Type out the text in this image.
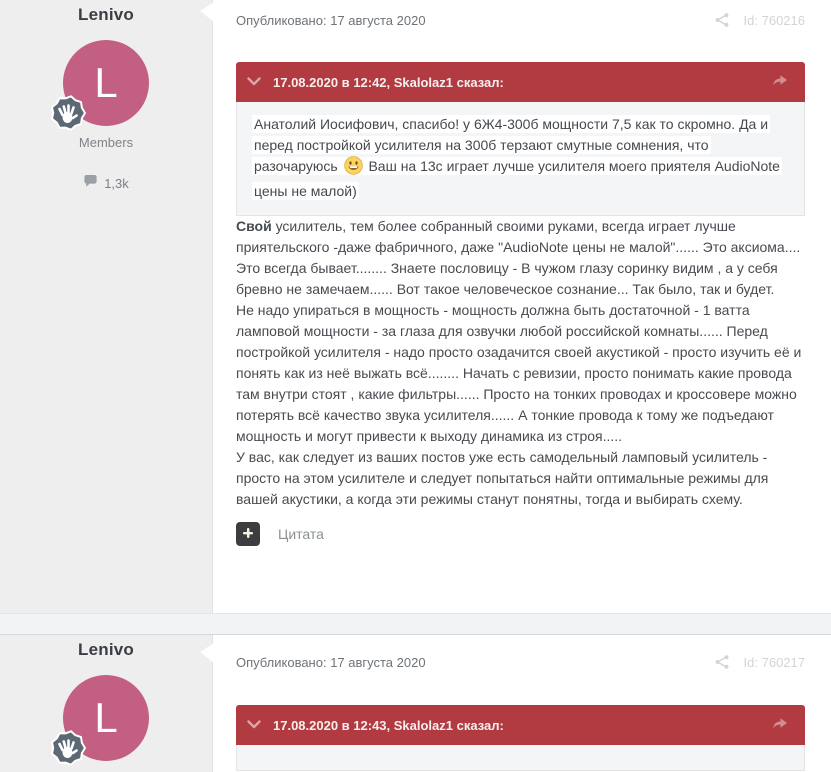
Lenivo
L
Members
1,3k
Опубликовано: 17 августа 2020	Id: 760216
17.08.2020 в 12:42, Skalolaz1 сказал:
Анатолий Иосифович, спасибо! у 6Ж4-300б мощности 7,5 как то скромно. Да и перед постройкой усилителя на 300б терзают смутные сомнения, что разочаруюсь  Ваш на 13с играет лучше усилителя моего приятеля AudioNote цены не малой)

Свой усилитель, тем более собранный своими руками, всегда играет лучше приятельского -даже фабричного, даже "AudioNote цены не малой"...... Это аксиома.... Это всегда бывает........ Знаете пословицу - В чужом глазу соринку видим , а у себя бревно не замечаем...... Вот такое человеческое сознание... Так было, так и будет.

Не надо упираться в мощность - мощность должна быть достаточной - 1 ватта ламповой мощности - за глаза для озвучки любой российской комнаты...... Перед постройкой усилителя - надо просто озадачится своей акустикой - просто изучить её и понять как из неё выжать всё........ Начать с ревизии, просто понимать какие провода там внутри стоят , какие фильтры...... Просто на тонких проводах и кроссовере можно потерять всё качество звука усилителя...... А тонкие провода к тому же подъедают мощность и могут привести к выходу динамика из строя.....

У вас, как следует из ваших постов уже есть самодельный ламповый усилитель - просто на этом усилителе и следует попытаться найти оптимальные режимы для вашей акустики, а когда эти режимы станут понятны, тогда и выбирать схему.

Цитата
Lenivo
L
Опубликовано: 17 августа 2020	Id: 760217
17.08.2020 в 12:43, Skalolaz1 сказал:
